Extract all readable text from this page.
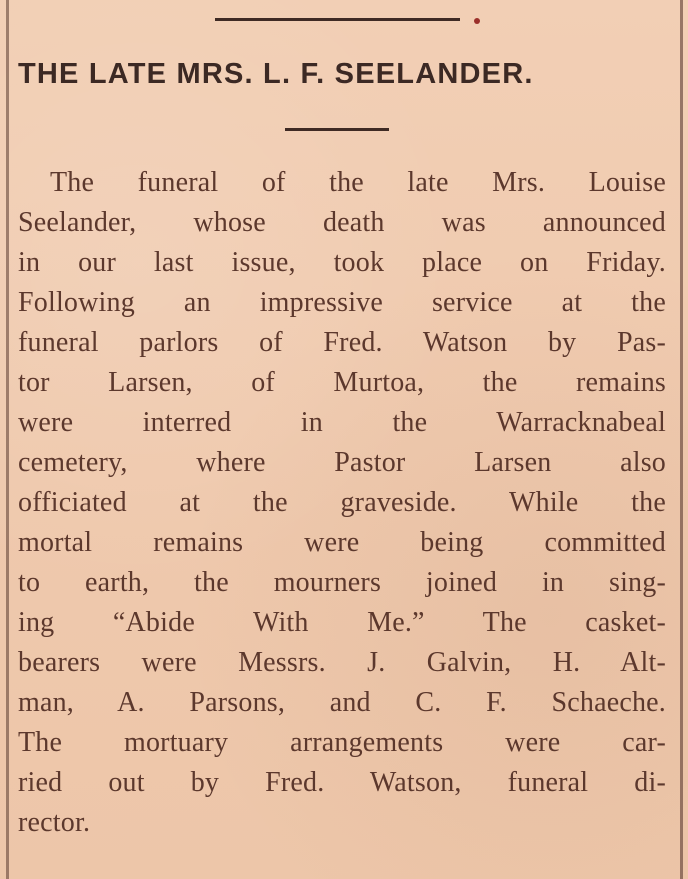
THE LATE MRS. L. F. SEELANDER.
The funeral of the late Mrs. Louise
Seelander, whose death was announced
in our last issue, took place on Friday.
Following an impressive service at the
funeral parlors of Fred. Watson by Pas-
tor Larsen, of Murtoa, the remains
were interred in the Warracknabeal
cemetery, where Pastor Larsen also
officiated at the graveside. While the
mortal remains were being committed
to earth, the mourners joined in sing-
ing “Abide With Me.” The casket-
bearers were Messrs. J. Galvin, H. Alt-
man, A. Parsons, and C. F. Schaeche.
The mortuary arrangements were car-
ried out by Fred. Watson, funeral di-
rector.
